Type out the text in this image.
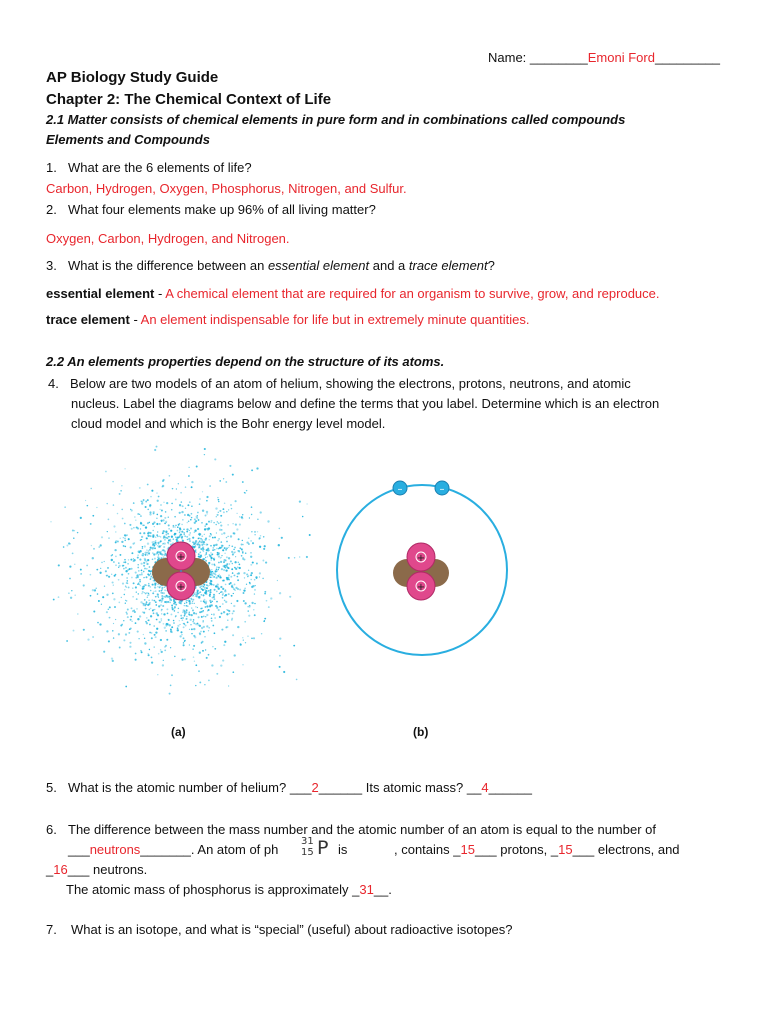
Name: ________Emoni Ford_________
AP Biology Study Guide
Chapter 2: The Chemical Context of Life
2.1 Matter consists of chemical elements in pure form and in combinations called compounds
Elements and Compounds
1. What are the 6 elements of life?
Carbon, Hydrogen, Oxygen, Phosphorus, Nitrogen, and Sulfur.
2. What four elements make up 96% of all living matter?
Oxygen, Carbon, Hydrogen, and Nitrogen.
3. What is the difference between an essential element and a trace element?
essential element - A chemical element that are required for an organism to survive, grow, and reproduce.
trace element - An element indispensable for life but in extremely minute quantities.
2.2 An elements properties depend on the structure of its atoms.
4. Below are two models of an atom of helium, showing the electrons, protons, neutrons, and atomic
nucleus. Label the diagrams below and define the terms that you label. Determine which is an electron
cloud model and which is the Bohr energy level model.
+
+
–	–
+
+
(a)	(b)
5. What is the atomic number of helium? ___2______ Its atomic mass? __4______
6. The difference between the mass number and the atomic number of an atom is equal to the number of
___neutrons_______. An atom of ph
31
15 P is	, contains _15___ protons, _15___ electrons, and
_16___ neutrons.
The atomic mass of phosphorus is approximately _31__.
7. What is an isotope, and what is “special” (useful) about radioactive isotopes?
